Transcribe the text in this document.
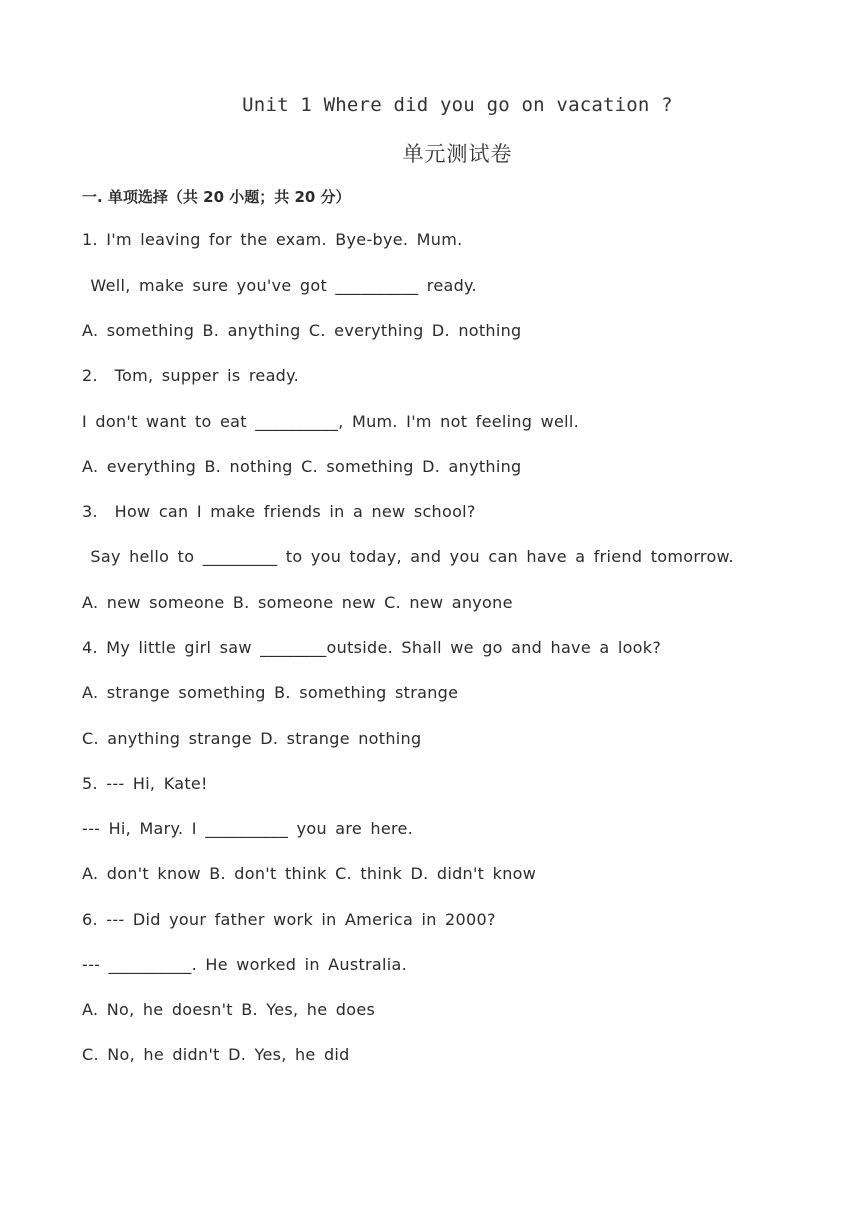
Unit 1 Where did you go on vacation ?
单元测试卷
一. 单项选择（共 20 小题；共 20 分）
1. I'm leaving for the exam. Bye-bye. Mum.
Well, make sure you've got __________ ready.
A. something B. anything C. everything D. nothing
2.  Tom, supper is ready.
I don't want to eat __________, Mum. I'm not feeling well.
A. everything B. nothing C. something D. anything
3.  How can I make friends in a new school?
Say hello to _________ to you today, and you can have a friend tomorrow.
A. new someone B. someone new C. new anyone
4. My little girl saw ________outside. Shall we go and have a look?
A. strange something B. something strange
C. anything strange D. strange nothing
5. --- Hi, Kate!
--- Hi, Mary. I __________ you are here.
A. don't know B. don't think C. think D. didn't know
6. --- Did your father work in America in 2000?
--- __________. He worked in Australia.
A. No, he doesn't B. Yes, he does
C. No, he didn't D. Yes, he did
